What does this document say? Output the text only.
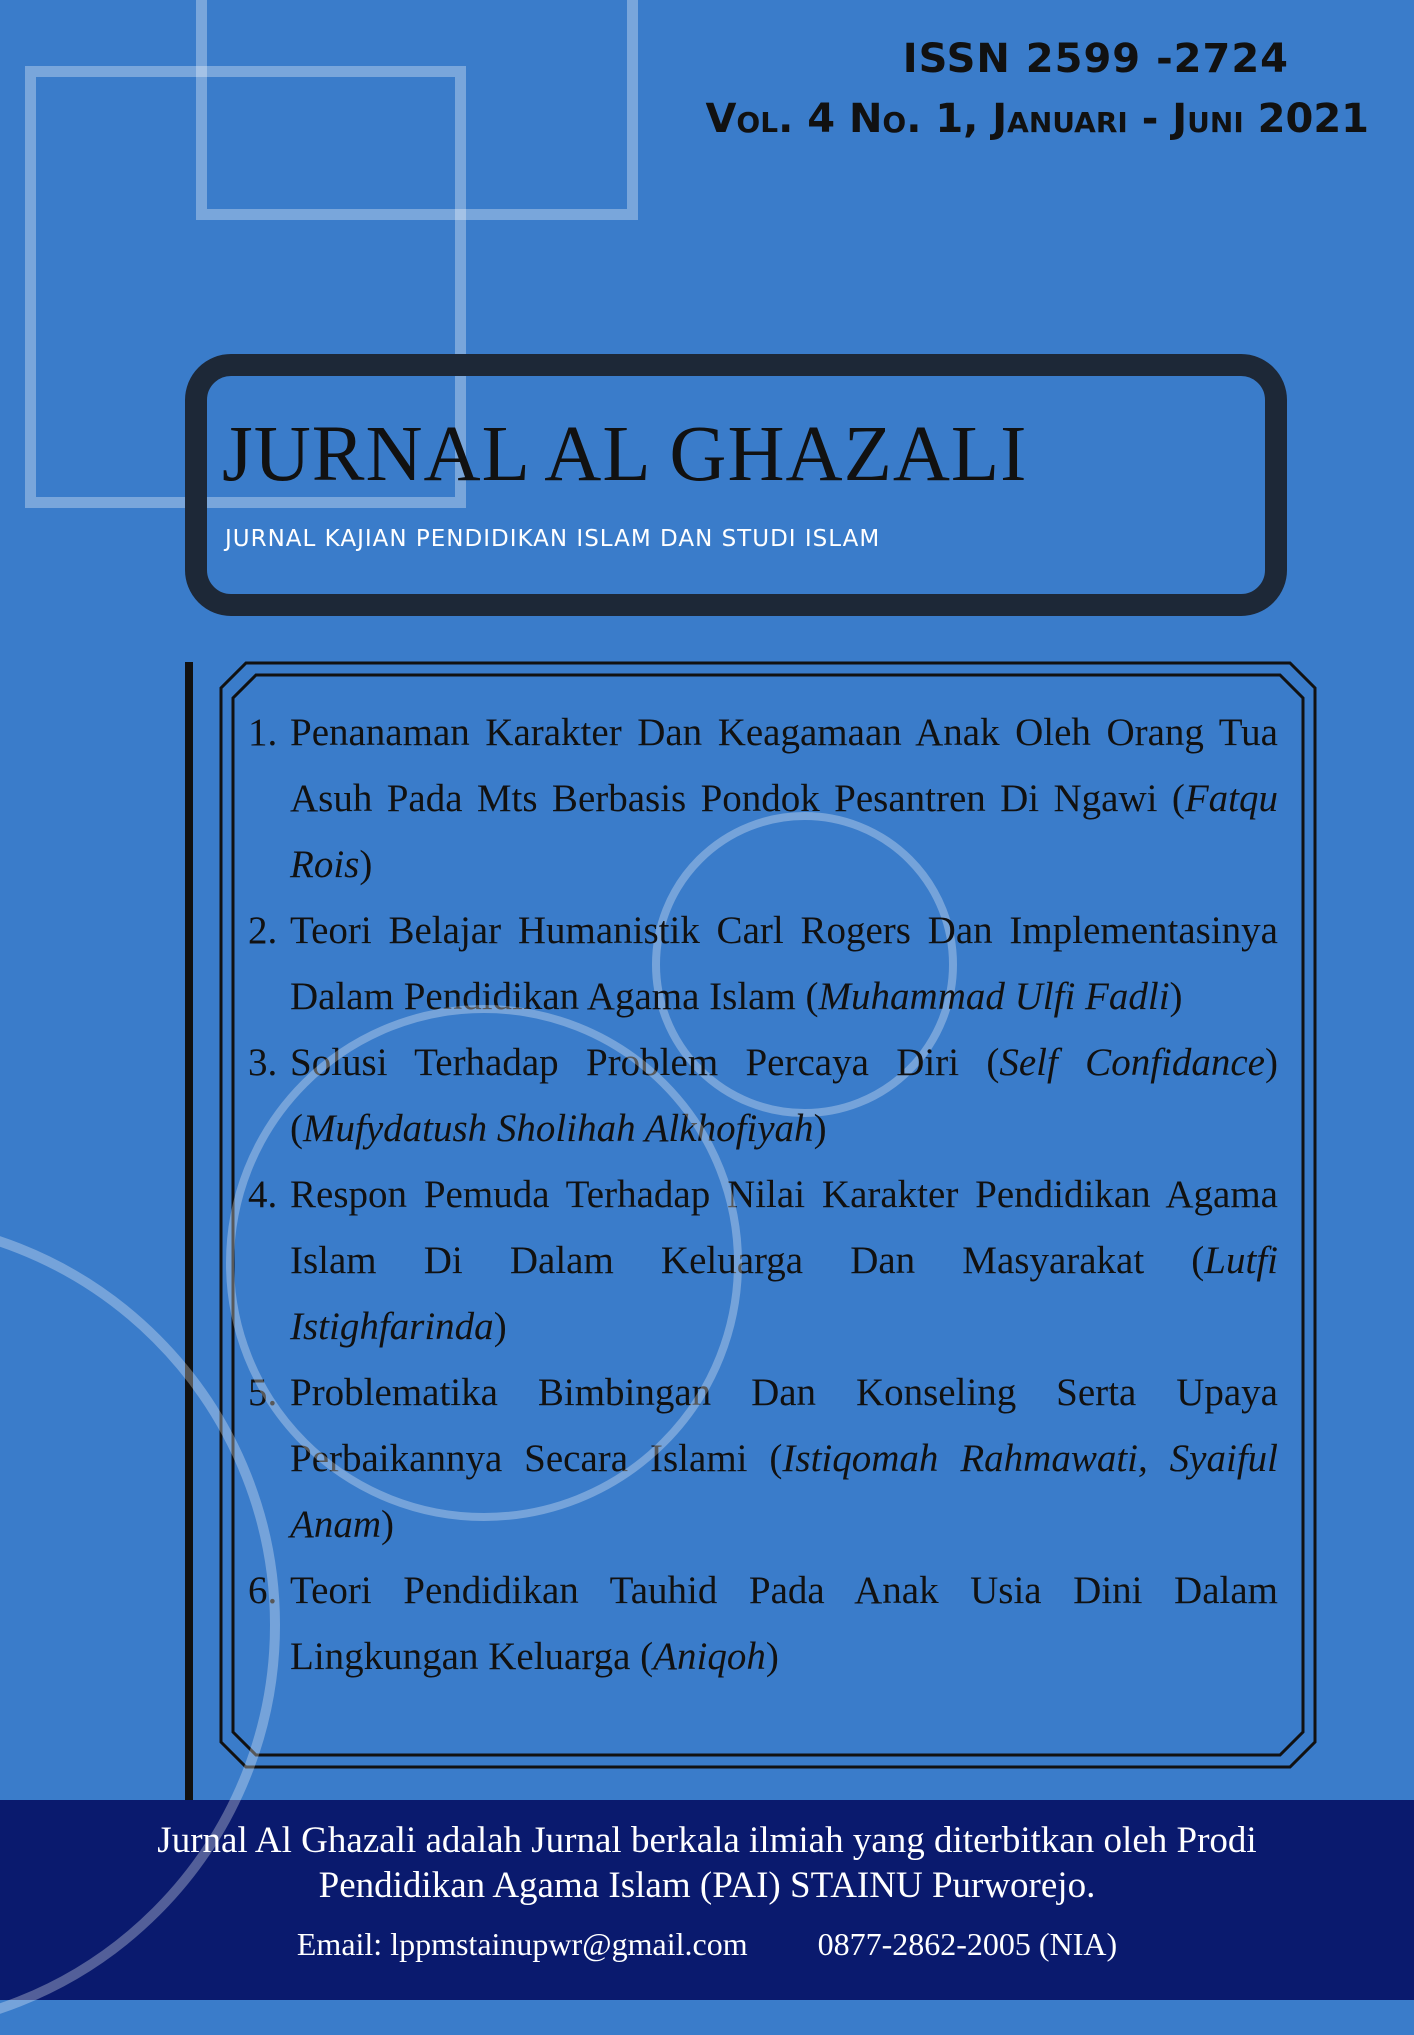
ISSN 2599 -2724

Vol. 4 No. 1, Januari - Juni 2021

JURNAL AL GHAZALI

JURNAL KAJIAN PENDIDIKAN ISLAM DAN STUDI ISLAM

1. Penanaman Karakter Dan Keagamaan Anak Oleh Orang Tua Asuh Pada Mts Berbasis Pondok Pesantren Di Ngawi (Fatqu Rois)
2. Teori Belajar Humanistik Carl Rogers Dan Implementasinya Dalam Pendidikan Agama Islam (Muhammad Ulfi Fadli)
3. Solusi Terhadap Problem Percaya Diri (Self Confidance) (Mufydatush Sholihah Alkhofiyah)
4. Respon Pemuda Terhadap Nilai Karakter Pendidikan Agama Islam Di Dalam Keluarga Dan Masyarakat (Lutfi Istighfarinda)
5. Problematika Bimbingan Dan Konseling Serta Upaya Perbaikannya Secara Islami (Istiqomah Rahmawati, Syaiful Anam)
6. Teori Pendidikan Tauhid Pada Anak Usia Dini Dalam Lingkungan Keluarga (Aniqoh)

Jurnal Al Ghazali adalah Jurnal berkala ilmiah yang diterbitkan oleh Prodi
Pendidikan Agama Islam (PAI) STAINU Purworejo.

Email: lppmstainupwr@gmail.com 0877-2862-2005 (NIA)
